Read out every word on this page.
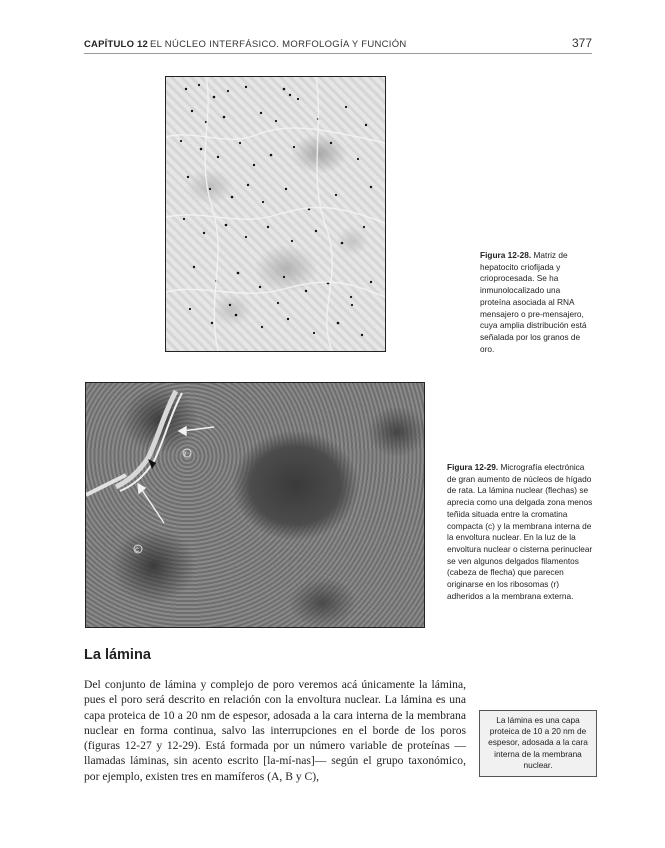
CAPÍTULO 12 EL NÚCLEO INTERFÁSICO. MORFOLOGÍA Y FUNCIÓN	377
Figura 12-28. Matriz de hepatocito criofijada y crioprocesada. Se ha inmunolocalizado una proteína asociada al RNA mensajero o pre-mensajero, cuya amplia distribución está señalada por los granos de oro.
r
c
Figura 12-29. Micrografía electrónica de gran aumento de núcleos de hígado de rata. La lámina nuclear (flechas) se aprecia como una delgada zona menos teñida situada entre la cromatina compacta (c) y la membrana interna de la envoltura nuclear. En la luz de la envoltura nuclear o cisterna perinuclear se ven algunos delgados filamentos (cabeza de flecha) que parecen originarse en los ribosomas (r) adheridos a la membrana externa.
La lámina
Del conjunto de lámina y complejo de poro veremos acá únicamente la lámina, pues el poro será descrito en relación con la envoltura nuclear. La lámina es una capa proteica de 10 a 20 nm de espesor, adosada a la cara interna de la membrana nuclear en forma continua, salvo las interrupciones en el borde de los poros (figuras 12-27 y 12-29). Está formada por un número variable de proteínas —llamadas láminas, sin acento escrito [la-mí-nas]— según el grupo taxonómico, por ejemplo, existen tres en mamíferos (A, B y C),
La lámina es una capa proteica de 10 a 20 nm de espesor, adosada a la cara interna de la membrana nuclear.
